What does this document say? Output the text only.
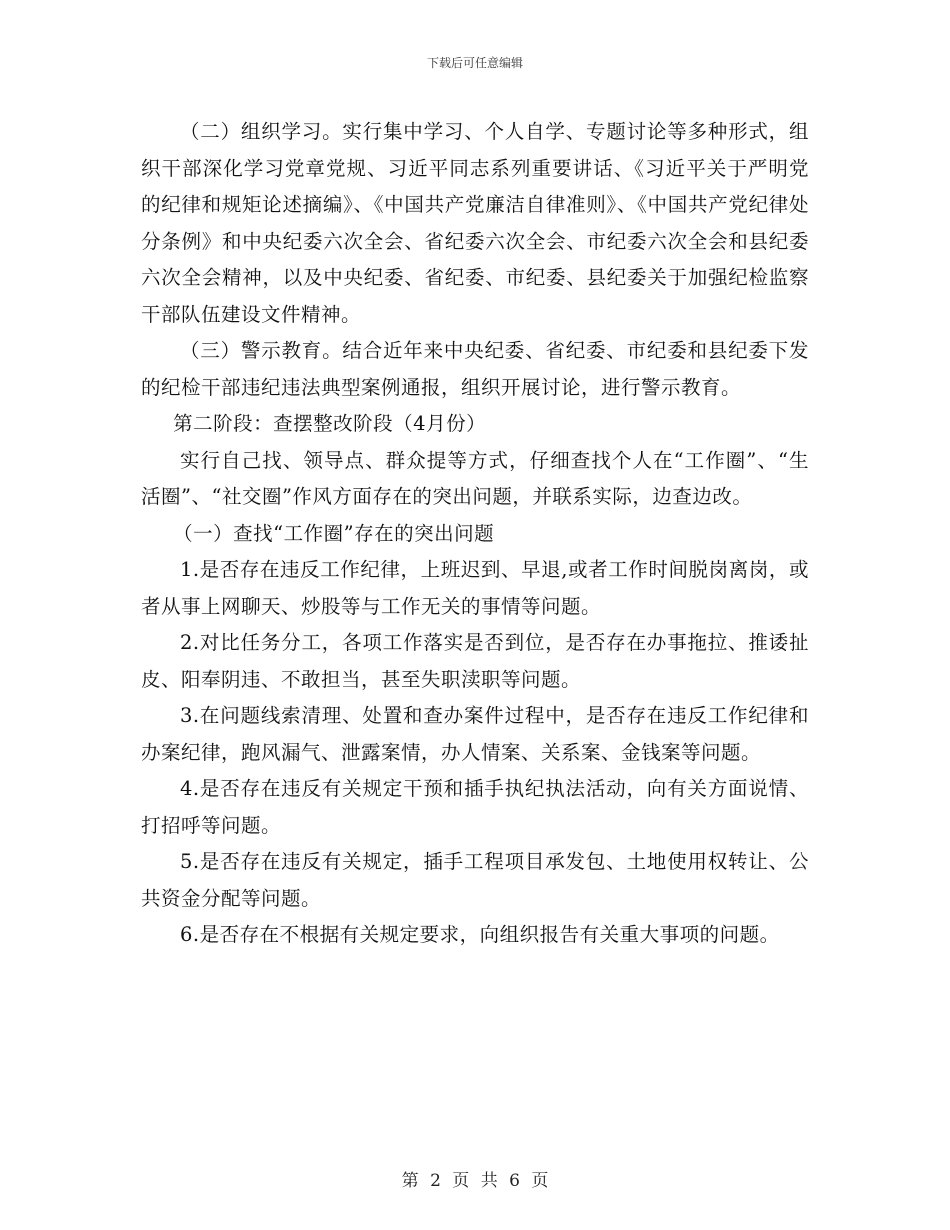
下载后可任意编辑

（二）组织学习。实行集中学习、个人自学、专题讨论等多种形式，组织干部深化学习党章党规、习近平同志系列重要讲话、《习近平关于严明党的纪律和规矩论述摘编》、《中国共产党廉洁自律准则》、《中国共产党纪律处分条例》和中央纪委六次全会、省纪委六次全会、市纪委六次全会和县纪委六次全会精神，以及中央纪委、省纪委、市纪委、县纪委关于加强纪检监察干部队伍建设文件精神。

（三）警示教育。结合近年来中央纪委、省纪委、市纪委和县纪委下发的纪检干部违纪违法典型案例通报，组织开展讨论，进行警示教育。

第二阶段：查摆整改阶段（4月份）

实行自己找、领导点、群众提等方式，仔细查找个人在“工作圈”、“生活圈”、“社交圈”作风方面存在的突出问题，并联系实际，边查边改。

（一）查找“工作圈”存在的突出问题

1.是否存在违反工作纪律，上班迟到、早退,或者工作时间脱岗离岗，或者从事上网聊天、炒股等与工作无关的事情等问题。

2.对比任务分工，各项工作落实是否到位，是否存在办事拖拉、推诿扯皮、阳奉阴违、不敢担当，甚至失职渎职等问题。

3.在问题线索清理、处置和查办案件过程中，是否存在违反工作纪律和办案纪律，跑风漏气、泄露案情，办人情案、关系案、金钱案等问题。

4.是否存在违反有关规定干预和插手执纪执法活动，向有关方面说情、打招呼等问题。

5.是否存在违反有关规定，插手工程项目承发包、土地使用权转让、公共资金分配等问题。

6.是否存在不根据有关规定要求，向组织报告有关重大事项的问题。

第 2 页 共 6 页
